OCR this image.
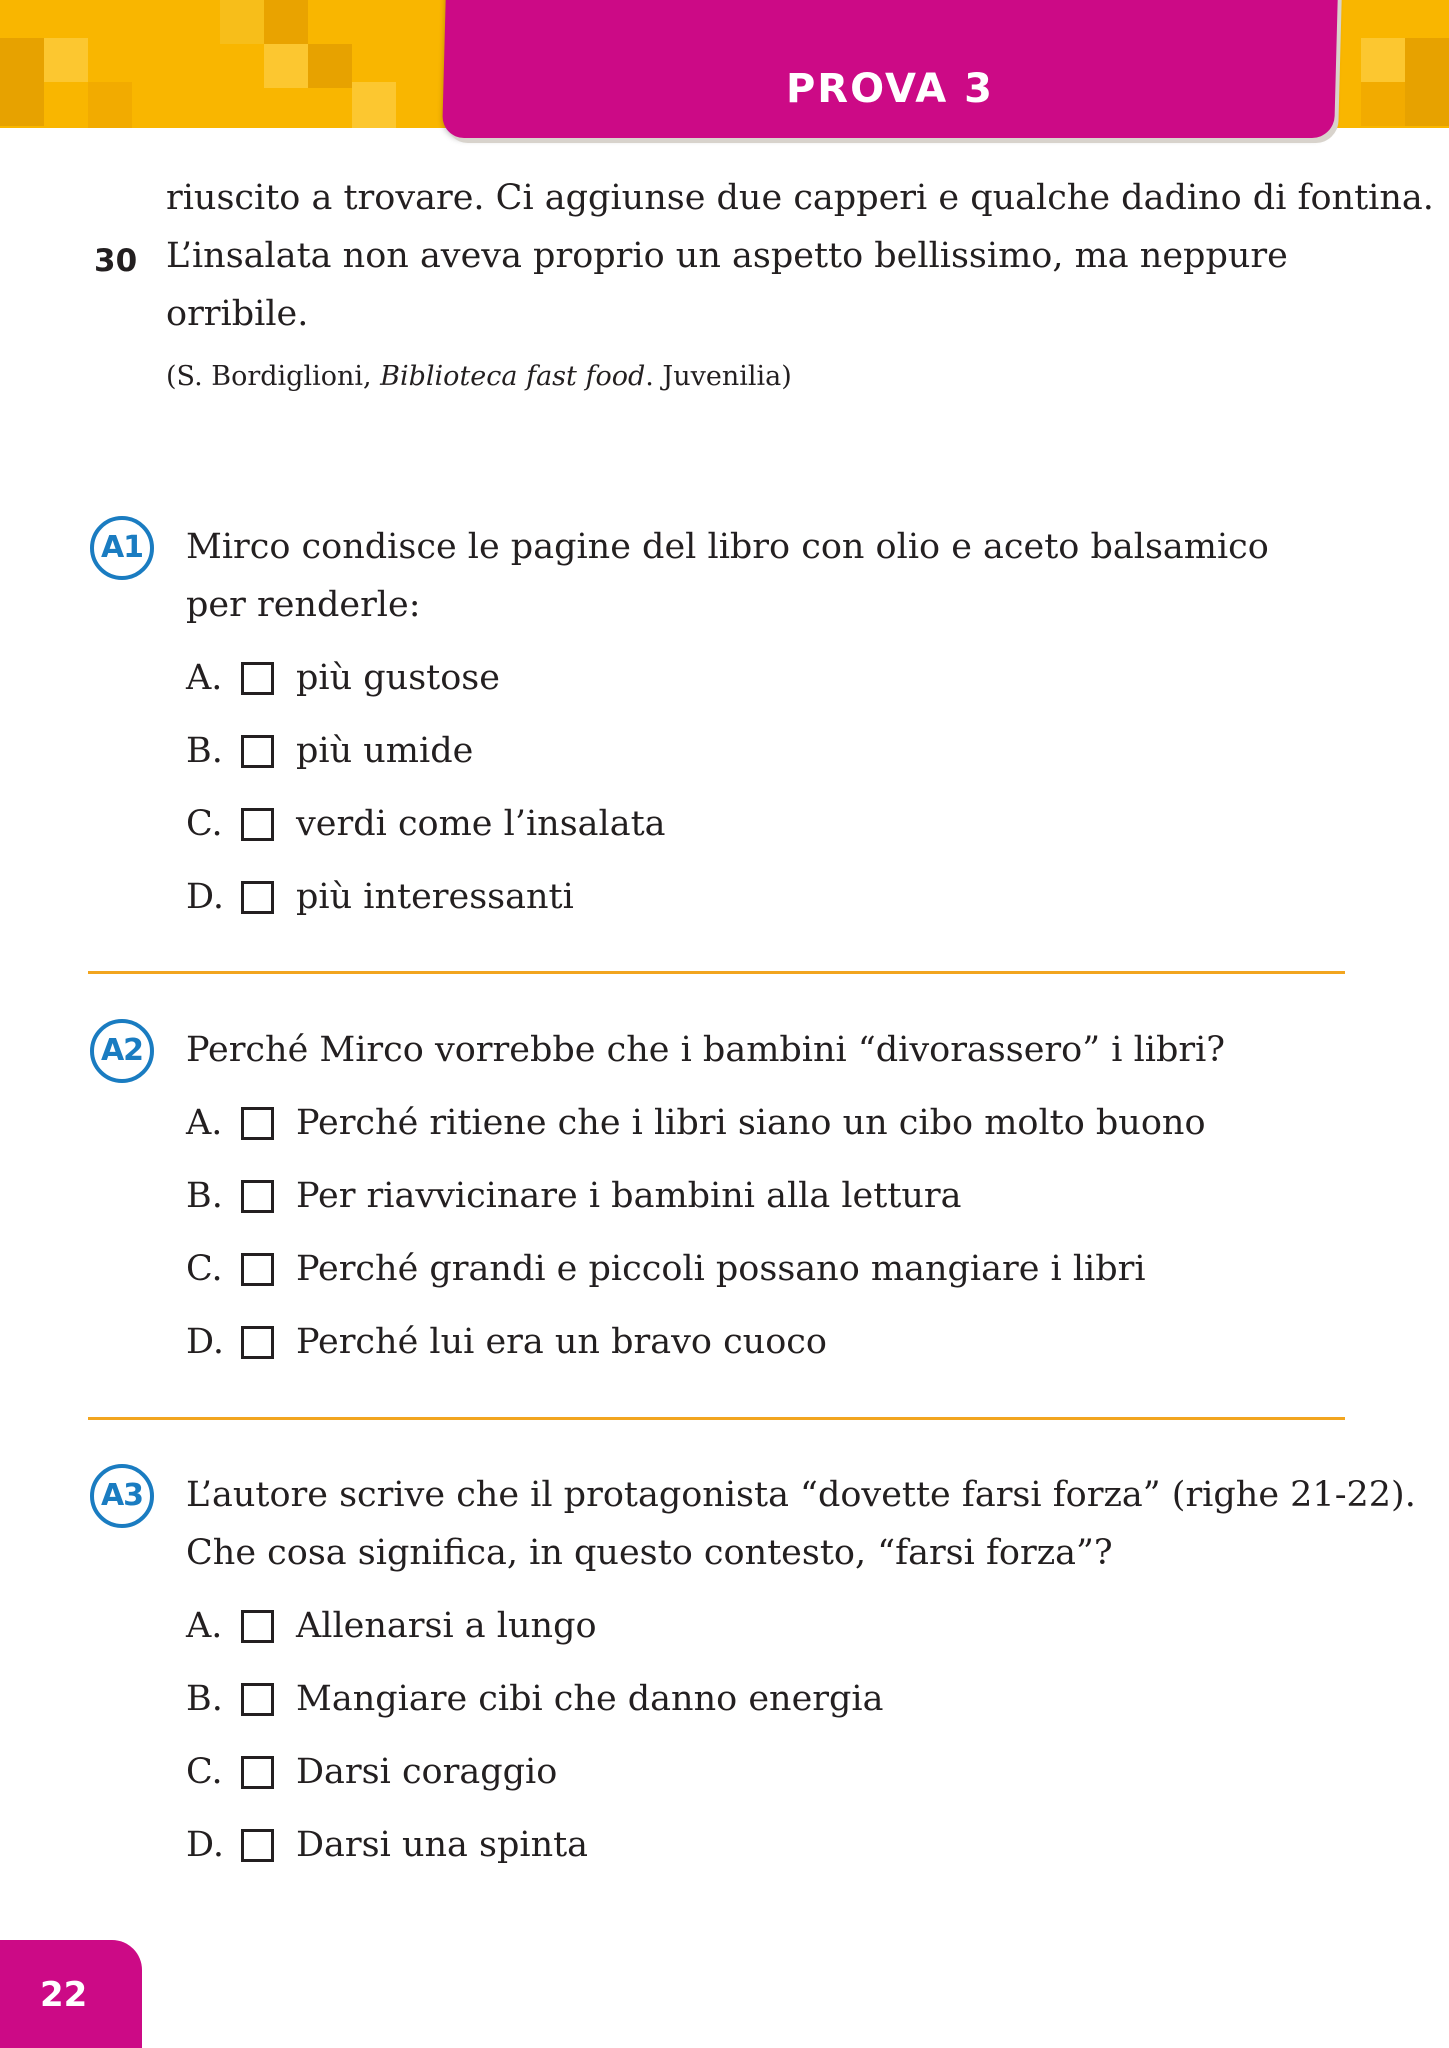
PROVA 3
riuscito a trovare. Ci aggiunse due capperi e qualche dadino di fontina.
30 L’insalata non aveva proprio un aspetto bellissimo, ma neppure
orribile.
(S. Bordiglioni, Biblioteca fast food. Juvenilia)
A1	Mirco condisce le pagine del libro con olio e aceto balsamico
per renderle:
A. più gustose
B. più umide
C. verdi come l’insalata
D. più interessanti
A2	Perché Mirco vorrebbe che i bambini “divorassero” i libri?
A. Perché ritiene che i libri siano un cibo molto buono
B. Per riavvicinare i bambini alla lettura
C. Perché grandi e piccoli possano mangiare i libri
D. Perché lui era un bravo cuoco
A3	L’autore scrive che il protagonista “dovette farsi forza” (righe 21-22).
Che cosa significa, in questo contesto, “farsi forza”?
A. Allenarsi a lungo
B. Mangiare cibi che danno energia
C. Darsi coraggio
D. Darsi una spinta
22
